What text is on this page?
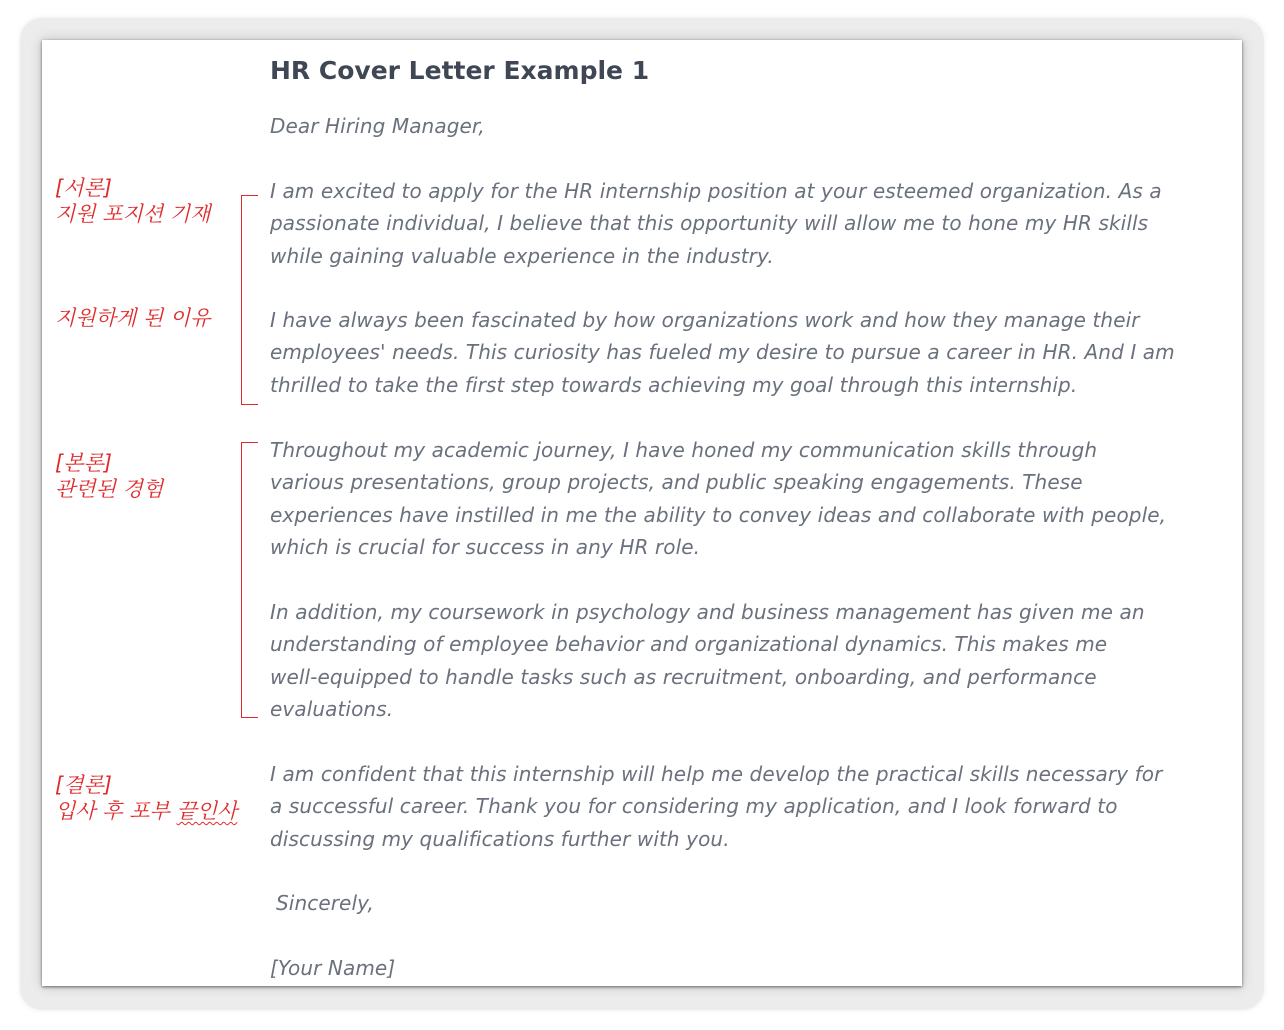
HR Cover Letter Example 1
Dear Hiring Manager,

I am excited to apply for the HR internship position at your esteemed organization. As a
passionate individual, I believe that this opportunity will allow me to hone my HR skills
while gaining valuable experience in the industry.

I have always been fascinated by how organizations work and how they manage their
employees' needs. This curiosity has fueled my desire to pursue a career in HR. And I am
thrilled to take the first step towards achieving my goal through this internship.

Throughout my academic journey, I have honed my communication skills through
various presentations, group projects, and public speaking engagements. These
experiences have instilled in me the ability to convey ideas and collaborate with people,
which is crucial for success in any HR role.

In addition, my coursework in psychology and business management has given me an
understanding of employee behavior and organizational dynamics. This makes me
well-equipped to handle tasks such as recruitment, onboarding, and performance
evaluations.

I am confident that this internship will help me develop the practical skills necessary for
a successful career. Thank you for considering my application, and I look forward to
discussing my qualifications further with you.

Sincerely,
[Your Name]
[서론]
지원 포지션 기재
지원하게 된 이유
[본론]
관련된 경험
[결론]
입사 후 포부 끝인사
